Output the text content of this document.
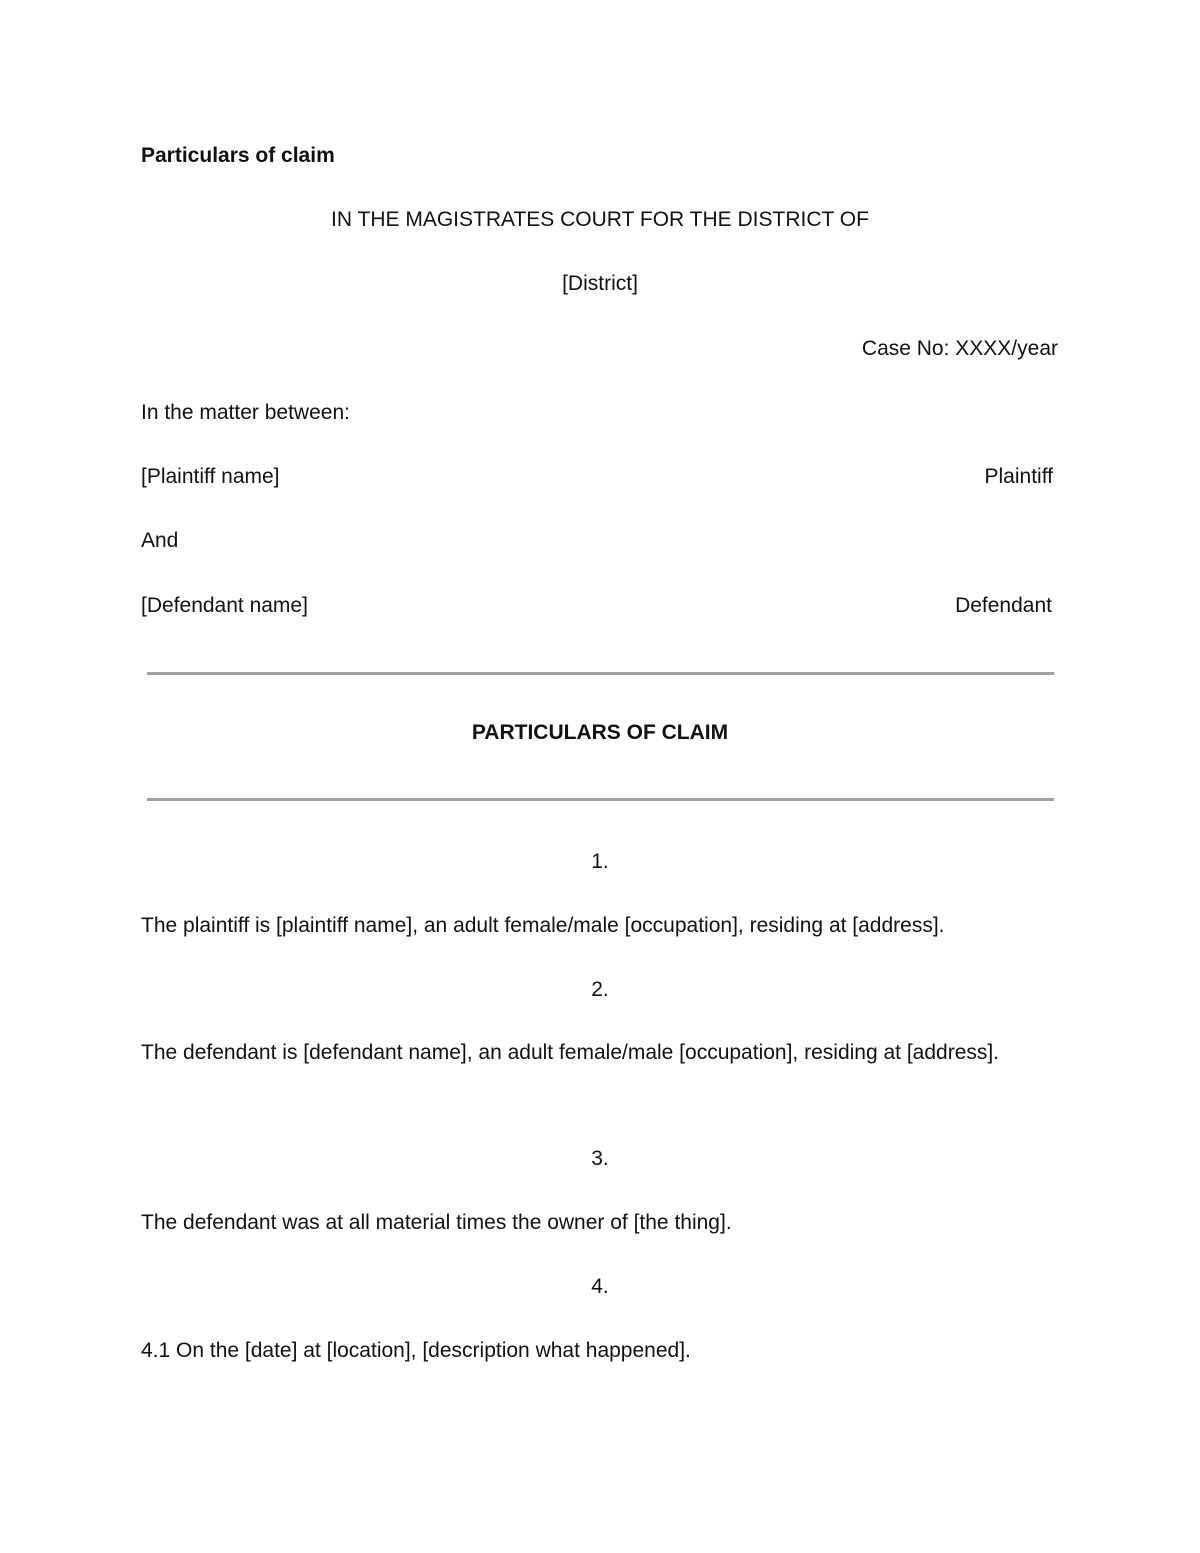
Particulars of claim
IN THE MAGISTRATES COURT FOR THE DISTRICT OF
[District]
Case No: XXXX/year
In the matter between:
[Plaintiff name]	Plaintiff
And
[Defendant name]	Defendant
PARTICULARS OF CLAIM
1.
The plaintiff is [plaintiff name], an adult female/male [occupation], residing at [address].
2.
The defendant is [defendant name], an adult female/male [occupation], residing at [address].
3.
The defendant was at all material times the owner of [the thing].
4.
4.1 On the [date] at [location], [description what happened].
